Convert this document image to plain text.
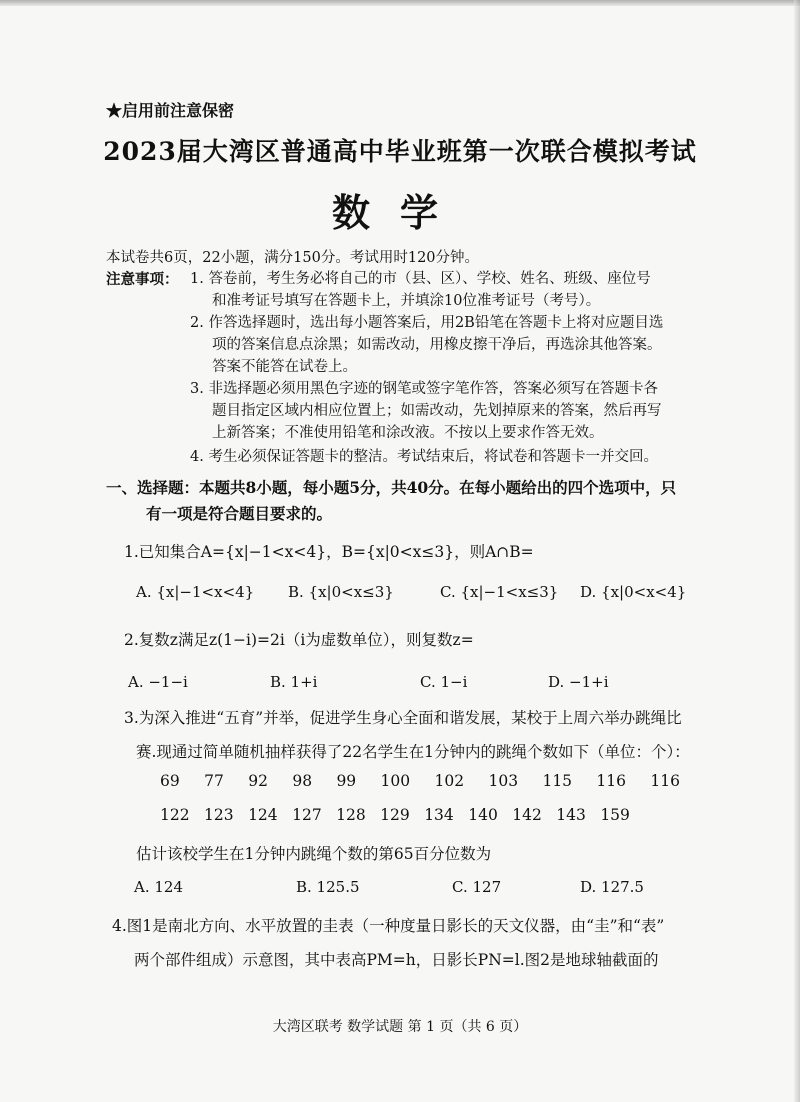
★启用前注意保密
2023届大湾区普通高中毕业班第一次联合模拟考试
数学
本试卷共6页，22小题，满分150分。考试用时120分钟。
注意事项： 1. 答卷前，考生务必将自己的市（县、区）、学校、姓名、班级、座位号
和准考证号填写在答题卡上，并填涂10位准考证号（考号）。
2. 作答选择题时，选出每小题答案后，用2B铅笔在答题卡上将对应题目选
项的答案信息点涂黑；如需改动，用橡皮擦干净后，再选涂其他答案。
答案不能答在试卷上。
3. 非选择题必须用黑色字迹的钢笔或签字笔作答，答案必须写在答题卡各
题目指定区域内相应位置上；如需改动，先划掉原来的答案，然后再写
上新答案；不准使用铅笔和涂改液。不按以上要求作答无效。
4. 考生必须保证答题卡的整洁。考试结束后，将试卷和答题卡一并交回。
一、选择题：本题共8小题，每小题5分，共40分。在每小题给出的四个选项中，只
有一项是符合题目要求的。
1.已知集合A={x|−1<x<4}，B={x|0<x≤3}，则A∩B=
A. {x|−1<x<4} B. {x|0<x≤3}	C. {x|−1<x≤3} D. {x|0<x<4}
2.复数z满足z(1−i)=2i（i为虚数单位），则复数z=
A. −1−i	B. 1+i	C. 1−i	D. −1+i
3.为深入推进“五育”并举，促进学生身心全面和谐发展，某校于上周六举办跳绳比
赛.现通过简单随机抽样获得了22名学生在1分钟内的跳绳个数如下（单位：个）：
69 77 92 98 99 100 102 103 115 116 116
122 123 124 127 128 129 134 140 142 143 159
估计该校学生在1分钟内跳绳个数的第65百分位数为
A. 124	B. 125.5	C. 127	D. 127.5
4.图1是南北方向、水平放置的圭表（一种度量日影长的天文仪器，由“圭”和“表”
两个部件组成）示意图，其中表高PM=h，日影长PN=l.图2是地球轴截面的
大湾区联考 数学试题 第 1 页（共 6 页）
